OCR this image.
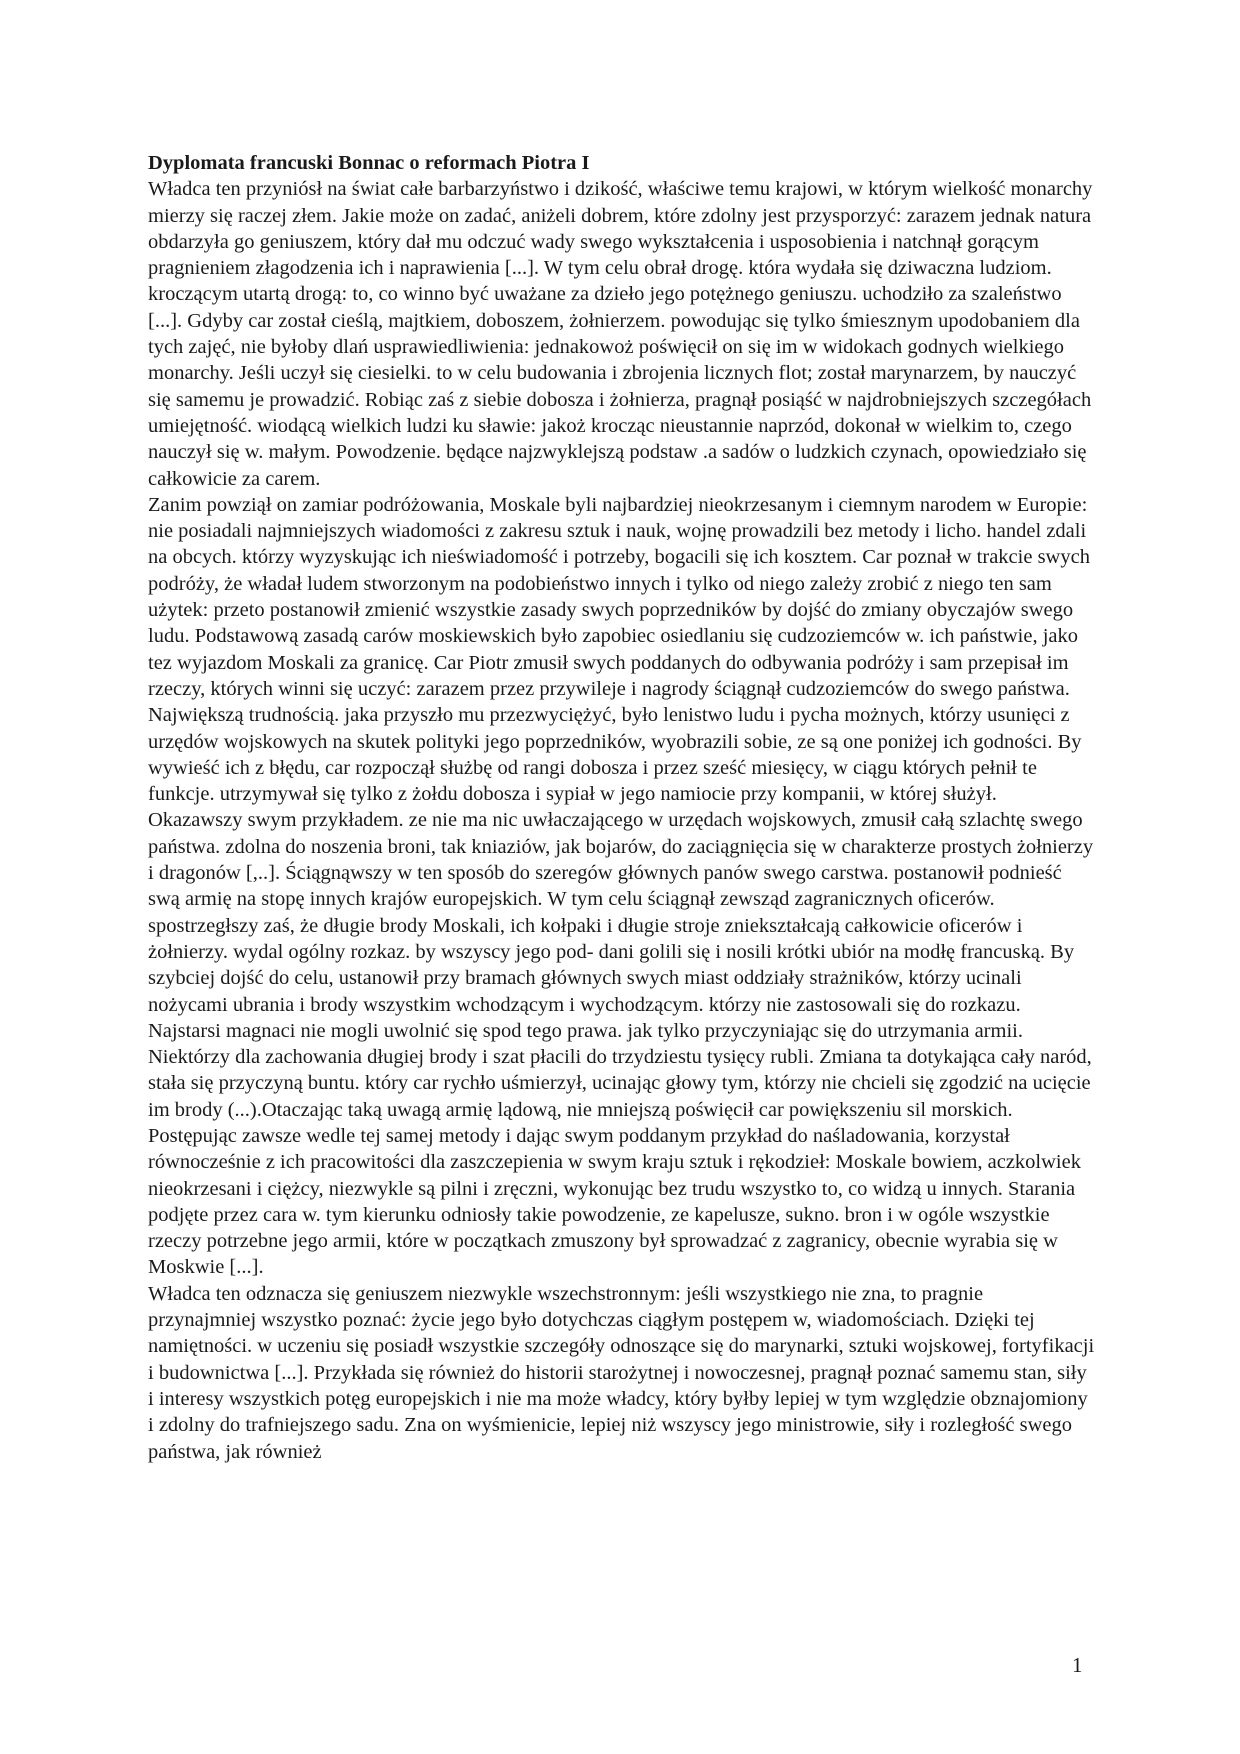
Dyplomata francuski Bonnac o reformach Piotra I

Władca ten przyniósł na świat całe barbarzyństwo i dzikość, właściwe temu krajowi, w którym wielkość monarchy mierzy się raczej złem. Jakie może on zadać, aniżeli dobrem, które zdolny jest przysporzyć: zarazem jednak natura obdarzyła go geniuszem, który dał mu odczuć wady swego wykształcenia i usposobienia i natchnął gorącym pragnieniem złagodzenia ich i naprawienia [...]. W tym celu obrał drogę. która wydała się dziwaczna ludziom. kroczącym utartą drogą: to, co winno być uważane za dzieło jego potężnego geniuszu. uchodziło za szaleństwo [...]. Gdyby car został cieślą, majtkiem, doboszem, żołnierzem. powodując się tylko śmiesznym upodobaniem dla tych zajęć, nie byłoby dlań usprawiedliwienia: jednakowoż poświęcił on się im w widokach godnych wielkiego monarchy. Jeśli uczył się ciesielki. to w celu budowania i zbrojenia licznych flot; został marynarzem, by nauczyć się samemu je prowadzić. Robiąc zaś z siebie dobosza i żołnierza, pragnął posiąść w najdrobniejszych szczegółach umiejętność. wiodącą wielkich ludzi ku sławie: jakoż krocząc nieustannie naprzód, dokonał w wielkim to, czego nauczył się w. małym. Powodzenie. będące najzwyklejszą podstaw .a sadów o ludzkich czynach, opowiedziało się całkowicie za carem.

Zanim powziął on zamiar podróżowania, Moskale byli najbardziej nieokrzesanym i ciemnym narodem w Europie: nie posiadali najmniejszych wiadomości z zakresu sztuk i nauk, wojnę prowadzili bez metody i licho. handel zdali na obcych. którzy wyzyskując ich nieświadomość i potrzeby, bogacili się ich kosztem. Car poznał w trakcie swych podróży, że władał ludem stworzonym na podobieństwo innych i tylko od niego zależy zrobić z niego ten sam użytek: przeto postanowił zmienić wszystkie zasady swych poprzedników by dojść do zmiany obyczajów swego ludu. Podstawową zasadą carów moskiewskich było zapobiec osiedlaniu się cudzoziemców w. ich państwie, jako tez wyjazdom Moskali za granicę. Car Piotr zmusił swych poddanych do odbywania podróży i sam przepisał im rzeczy, których winni się uczyć: zarazem przez przywileje i nagrody ściągnął cudzoziemców do swego państwa.

Największą trudnością. jaka przyszło mu przezwyciężyć, było lenistwo ludu i pycha możnych, którzy usunięci z urzędów wojskowych na skutek polityki jego poprzedników, wyobrazili sobie, ze są one poniżej ich godności. By wywieść ich z błędu, car rozpoczął służbę od rangi dobosza i przez sześć miesięcy, w ciągu których pełnił te funkcje. utrzymywał się tylko z żołdu dobosza i sypiał w jego namiocie przy kompanii, w której służył. Okazawszy swym przykładem. ze nie ma nic uwłaczającego w urzędach wojskowych, zmusił całą szlachtę swego państwa. zdolna do noszenia broni, tak kniaziów, jak bojarów, do zaciągnięcia się w charakterze prostych żołnierzy i dragonów [,..]. Ściągnąwszy w ten sposób do szeregów głównych panów swego carstwa. postanowił podnieść swą armię na stopę innych krajów europejskich. W tym celu ściągnął zewsząd zagranicznych oficerów. spostrzegłszy zaś, że długie brody Moskali, ich kołpaki i długie stroje zniekształcają całkowicie oficerów i żołnierzy. wydal ogólny rozkaz. by wszyscy jego pod- dani golili się i nosili krótki ubiór na modłę francuską. By szybciej dojść do celu, ustanowił przy bramach głównych swych miast oddziały strażników, którzy ucinali nożycami ubrania i brody wszystkim wchodzącym i wychodzącym. którzy nie zastosowali się do rozkazu. Najstarsi magnaci nie mogli uwolnić się spod tego prawa. jak tylko przyczyniając się do utrzymania armii. Niektórzy dla zachowania długiej brody i szat płacili do trzydziestu tysięcy rubli. Zmiana ta dotykająca cały naród, stała się przyczyną buntu. który car rychło uśmierzył, ucinając głowy tym, którzy nie chcieli się zgodzić na ucięcie im brody (...).Otaczając taką uwagą armię lądową, nie mniejszą poświęcił car powiększeniu sil morskich. Postępując zawsze wedle tej samej metody i dając swym poddanym przykład do naśladowania, korzystał równocześnie z ich pracowitości dla zaszczepienia w swym kraju sztuk i rękodzieł: Moskale bowiem, aczkolwiek nieokrzesani i ciężcy, niezwykle są pilni i zręczni, wykonując bez trudu wszystko to, co widzą u innych. Starania podjęte przez cara w. tym kierunku odniosły takie powodzenie, ze kapelusze, sukno. bron i w ogóle wszystkie rzeczy potrzebne jego armii, które w początkach zmuszony był sprowadzać z zagranicy, obecnie wyrabia się w Moskwie [...].

Władca ten odznacza się geniuszem niezwykle wszechstronnym: jeśli wszystkiego nie zna, to pragnie przynajmniej wszystko poznać: życie jego było dotychczas ciągłym postępem w, wiadomościach. Dzięki tej namiętności. w uczeniu się posiadł wszystkie szczegóły odnoszące się do marynarki, sztuki wojskowej, fortyfikacji i budownictwa [...]. Przykłada się również do historii starożytnej i nowoczesnej, pragnął poznać samemu stan, siły i interesy wszystkich potęg europejskich i nie ma może władcy, który byłby lepiej w tym względzie obznajomiony i zdolny do trafniejszego sadu. Zna on wyśmienicie, lepiej niż wszyscy jego ministrowie, siły i rozległość swego państwa, jak również

1
